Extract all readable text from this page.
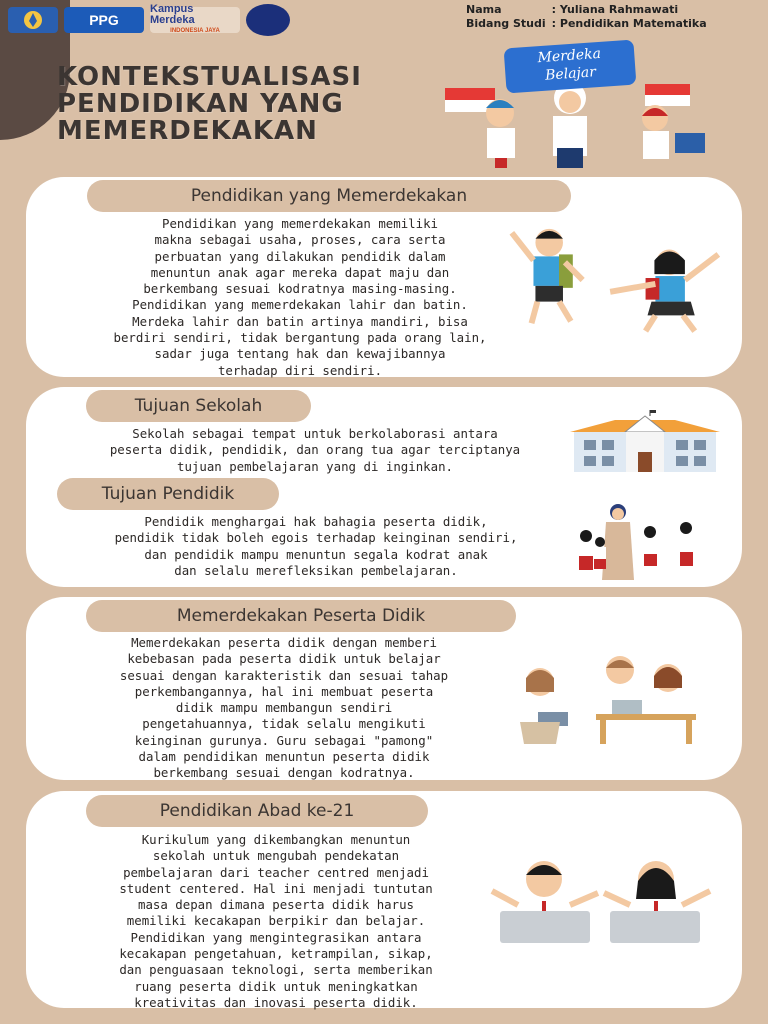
PPG
Kampus Merdeka
INDONESIA JAYA
Nama	: Yuliana Rahmawati
Bidang Studi	: Pendidikan Matematika
KONTEKSTUALISASI
PENDIDIKAN YANG
MEMERDEKAKAN
Merdeka
Belajar
Pendidikan yang Memerdekakan
Pendidikan yang memerdekakan memiliki
makna sebagai usaha, proses, cara serta
perbuatan yang dilakukan pendidik dalam
menuntun anak agar mereka dapat maju dan
berkembang sesuai kodratnya masing-masing.
Pendidikan yang memerdekakan lahir dan batin.
Merdeka lahir dan batin artinya mandiri, bisa
berdiri sendiri, tidak bergantung pada orang lain,
sadar juga tentang hak dan kewajibannya
terhadap diri sendiri.
Tujuan Sekolah
Sekolah sebagai tempat untuk berkolaborasi antara
peserta didik, pendidik, dan orang tua agar terciptanya
tujuan pembelajaran yang di inginkan.
Tujuan Pendidik
Pendidik menghargai hak bahagia peserta didik,
pendidik tidak boleh egois terhadap keinginan sendiri,
dan pendidik mampu menuntun segala kodrat anak
dan selalu merefleksikan pembelajaran.
Memerdekakan Peserta Didik
Memerdekakan peserta didik dengan memberi
kebebasan pada peserta didik untuk belajar
sesuai dengan karakteristik dan sesuai tahap
perkembangannya, hal ini membuat peserta
didik mampu membangun sendiri
pengetahuannya, tidak selalu mengikuti
keinginan gurunya. Guru sebagai "pamong"
dalam pendidikan menuntun peserta didik
berkembang sesuai dengan kodratnya.
Pendidikan Abad ke-21
Kurikulum yang dikembangkan menuntun
sekolah untuk mengubah pendekatan
pembelajaran dari teacher centred menjadi
student centered. Hal ini menjadi tuntutan
masa depan dimana peserta didik harus
memiliki kecakapan berpikir dan belajar.
Pendidikan yang mengintegrasikan antara
kecakapan pengetahuan, ketrampilan, sikap,
dan penguasaan teknologi, serta memberikan
ruang peserta didik untuk meningkatkan
kreativitas dan inovasi peserta didik.
